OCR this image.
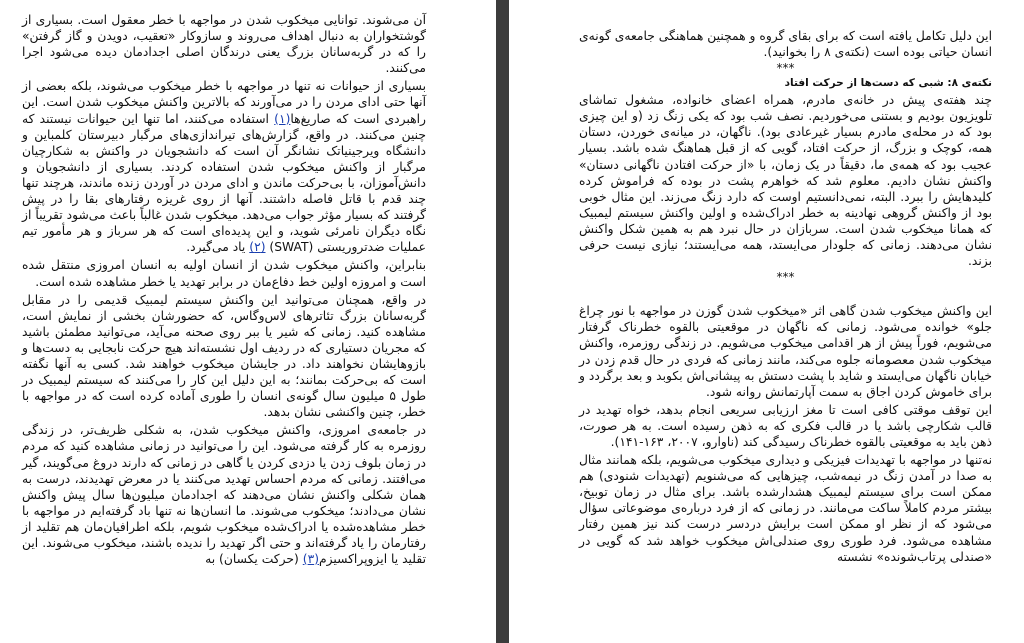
آن می‌شوند. توانایی میخکوب شدن در مواجهه با خطر معقول است. بسیاری از گوشتخواران به دنبال اهداف می‌روند و سازوکار «تعقیب، دویدن و گاز گرفتن» را که در گربه‌سانان بزرگ یعنی درندگان اصلی اجدادمان دیده می‌شود اجرا می‌کنند.

بسیاری از حیوانات نه تنها در مواجهه با خطر میخکوب می‌شوند، بلکه بعضی از آنها حتی ادای مردن را در می‌آورند که بالاترین واکنش میخکوب شدن است. این راهبردی است که صاریغ‌ها(۱) استفاده می‌کنند، اما تنها این حیوانات نیستند که چنین می‌کنند. در واقع، گزارش‌های تیراندازی‌های مرگبار دبیرستان کلمباین و دانشگاه ویرجینیاتک نشانگر آن است که دانشجویان در واکنش به شکارچیان مرگبار از واکنش میخکوب شدن استفاده کردند. بسیاری از دانشجویان و دانش‌آموزان، با بی‌حرکت ماندن و ادای مردن در آوردن زنده ماندند، هرچند تنها چند قدم با قاتل فاصله داشتند. آنها از روی غریزه رفتارهای بقا را در پیش گرفتند که بسیار مؤثر جواب می‌دهد. میخکوب شدن غالباً باعث می‌شود تقریباً از نگاه دیگران نامرئی شوید، و این پدیده‌ای است که هر سرباز و هر مأمور تیم عملیات ضدتروریستی (SWAT) (۲) یاد می‌گیرد.

بنابراین، واکنش میخکوب شدن از انسان اولیه به انسان امروزی منتقل شده است و امروزه اولین خط دفاع‌مان در برابر تهدید یا خطر مشاهده شده است.

در واقع، همچنان می‌توانید این واکنش سیستم لیمبیک قدیمی را در مقابل گربه‌سانان بزرگ تئاترهای لاس‌وگاس، که حضورشان بخشی از نمایش است، مشاهده کنید. زمانی که شیر یا ببر روی صحنه می‌آید، می‌توانید مطمئن باشید که مجریان دستیاری که در ردیف اول نشسته‌اند هیچ حرکت نابجایی به دست‌ها و بازوهایشان نخواهند داد. در جایشان میخکوب خواهند شد. کسی به آنها نگفته است که بی‌حرکت بمانند؛ به این دلیل این کار را می‌کنند که سیستم لیمبیک در طول ۵ میلیون سال گونه‌ی انسان را طوری آماده کرده است که در مواجهه با خطر، چنین واکنشی نشان بدهد.

در جامعه‌ی امروزی، واکنش میخکوب شدن، به شکلی ظریف‌تر، در زندگی روزمره به کار گرفته می‌شود. این را می‌توانید در زمانی مشاهده کنید که مردم در زمان بلوف زدن یا دزدی کردن یا گاهی در زمانی که دارند دروغ می‌گویند، گیر می‌افتند. زمانی که مردم احساس تهدید می‌کنند یا در معرض تهدیدند، درست به همان شکلی واکنش نشان می‌دهند که اجدادمان میلیون‌ها سال پیش واکنش نشان می‌دادند؛ میخکوب می‌شوند. ما انسان‌ها نه تنها باد گرفته‌ایم در مواجهه با خطر مشاهده‌شده یا ادراک‌شده میخکوب شویم، بلکه اطرافیان‌مان هم تقلید از رفتارمان را یاد گرفته‌اند و حتی اگر تهدید را ندیده باشند، میخکوب می‌شوند. این تقلید یا ایزوپراکسیزم(۳) (حرکت یکسان) به

این دلیل تکامل یافته است که برای بقای گروه و همچنین هماهنگی جامعه‌ی گونه‌ی انسان حیاتی بوده است (نکته‌ی ۸ را بخوانید).

***

نکته‌ی ۸: شبی که دست‌ها از حرکت افتاد

چند هفته‌ی پیش در خانه‌ی مادرم، همراه اعضای خانواده، مشغول تماشای تلویزیون بودیم و بستنی می‌خوردیم. نصف شب بود که یکی زنگ زد (و این چیزی بود که در محله‌ی مادرم بسیار غیرعادی بود). ناگهان، در میانه‌ی خوردن، دستان همه، کوچک و بزرگ، از حرکت افتاد، گویی که از قبل هماهنگ شده باشد. بسیار عجیب بود که همه‌ی ما، دقیقاً در یک زمان، با «از حرکت افتادن ناگهانی دستان» واکنش نشان دادیم. معلوم شد که خواهرم پشت در بوده که فراموش کرده کلیدهایش را ببرد. البته، نمی‌دانستیم اوست که دارد زنگ می‌زند. این مثال خوبی بود از واکنش گروهی نهادینه به خطر ادراک‌شده و اولین واکنش سیستم لیمبیک که همانا میخکوب شدن است. سربازان در حال نبرد هم به همین شکل واکنش نشان می‌دهند. زمانی که جلودار می‌ایستد، همه می‌ایستند؛ نیازی نیست حرفی بزند.

***

این واکنش میخکوب شدن گاهی اثر «میخکوب شدن گوزن در مواجهه با نور چراغ جلو» خوانده می‌شود. زمانی که ناگهان در موقعیتی بالقوه خطرناک گرفتار می‌شویم، فوراً پیش از هر اقدامی میخکوب می‌شویم. در زندگی روزمره، واکنش میخکوب شدن معصومانه جلوه می‌کند، مانند زمانی که فردی در حال قدم زدن در خیابان ناگهان می‌ایستد و شاید با پشت دستش به پیشانی‌اش بکوبد و بعد برگردد و برای خاموش کردن اجاق به سمت آپارتمانش روانه شود.

این توقف موقتی کافی است تا مغز ارزیابی سریعی انجام بدهد، خواه تهدید در قالب شکارچی باشد یا در قالب فکری که به ذهن رسیده است. به هر صورت، ذهن باید به موقعیتی بالقوه خطرناک رسیدگی کند (ناوارو، ۲۰۰۷، ۱۶۳-۱۴۱).

نه‌تنها در مواجهه با تهدیدات فیزیکی و دیداری میخکوب می‌شویم، بلکه همانند مثال به صدا در آمدن زنگ در نیمه‌شب، چیزهایی که می‌شنویم (تهدیدات شنودی) هم ممکن است برای سیستم لیمبیک هشدارشده باشد. برای مثال در زمان توبیخ، بیشتر مردم کاملاً ساکت می‌مانند. در زمانی که از فرد درباره‌ی موضوعاتی سؤال می‌شود که از نظر او ممکن است برایش دردسر درست کند نیز همین رفتار مشاهده می‌شود. فرد طوری روی صندلی‌اش میخکوب خواهد شد که گویی در «صندلی پرتاب‌شونده» نشسته
